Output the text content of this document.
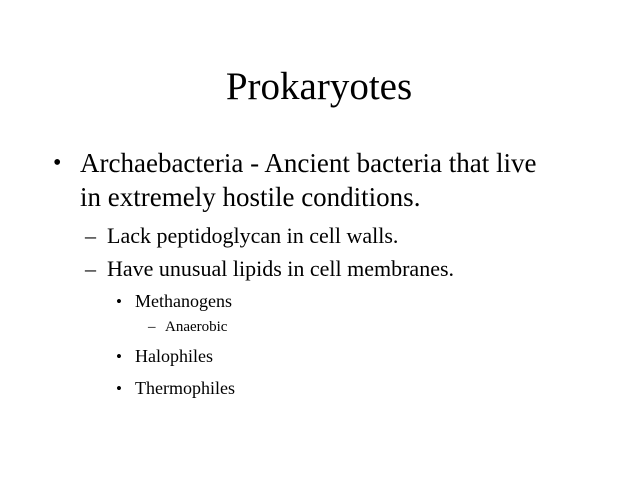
Prokaryotes
• Archaebacteria - Ancient bacteria that live
in extremely hostile conditions.
– Lack peptidoglycan in cell walls.
– Have unusual lipids in cell membranes.
• Methanogens
– Anaerobic
• Halophiles
• Thermophiles
